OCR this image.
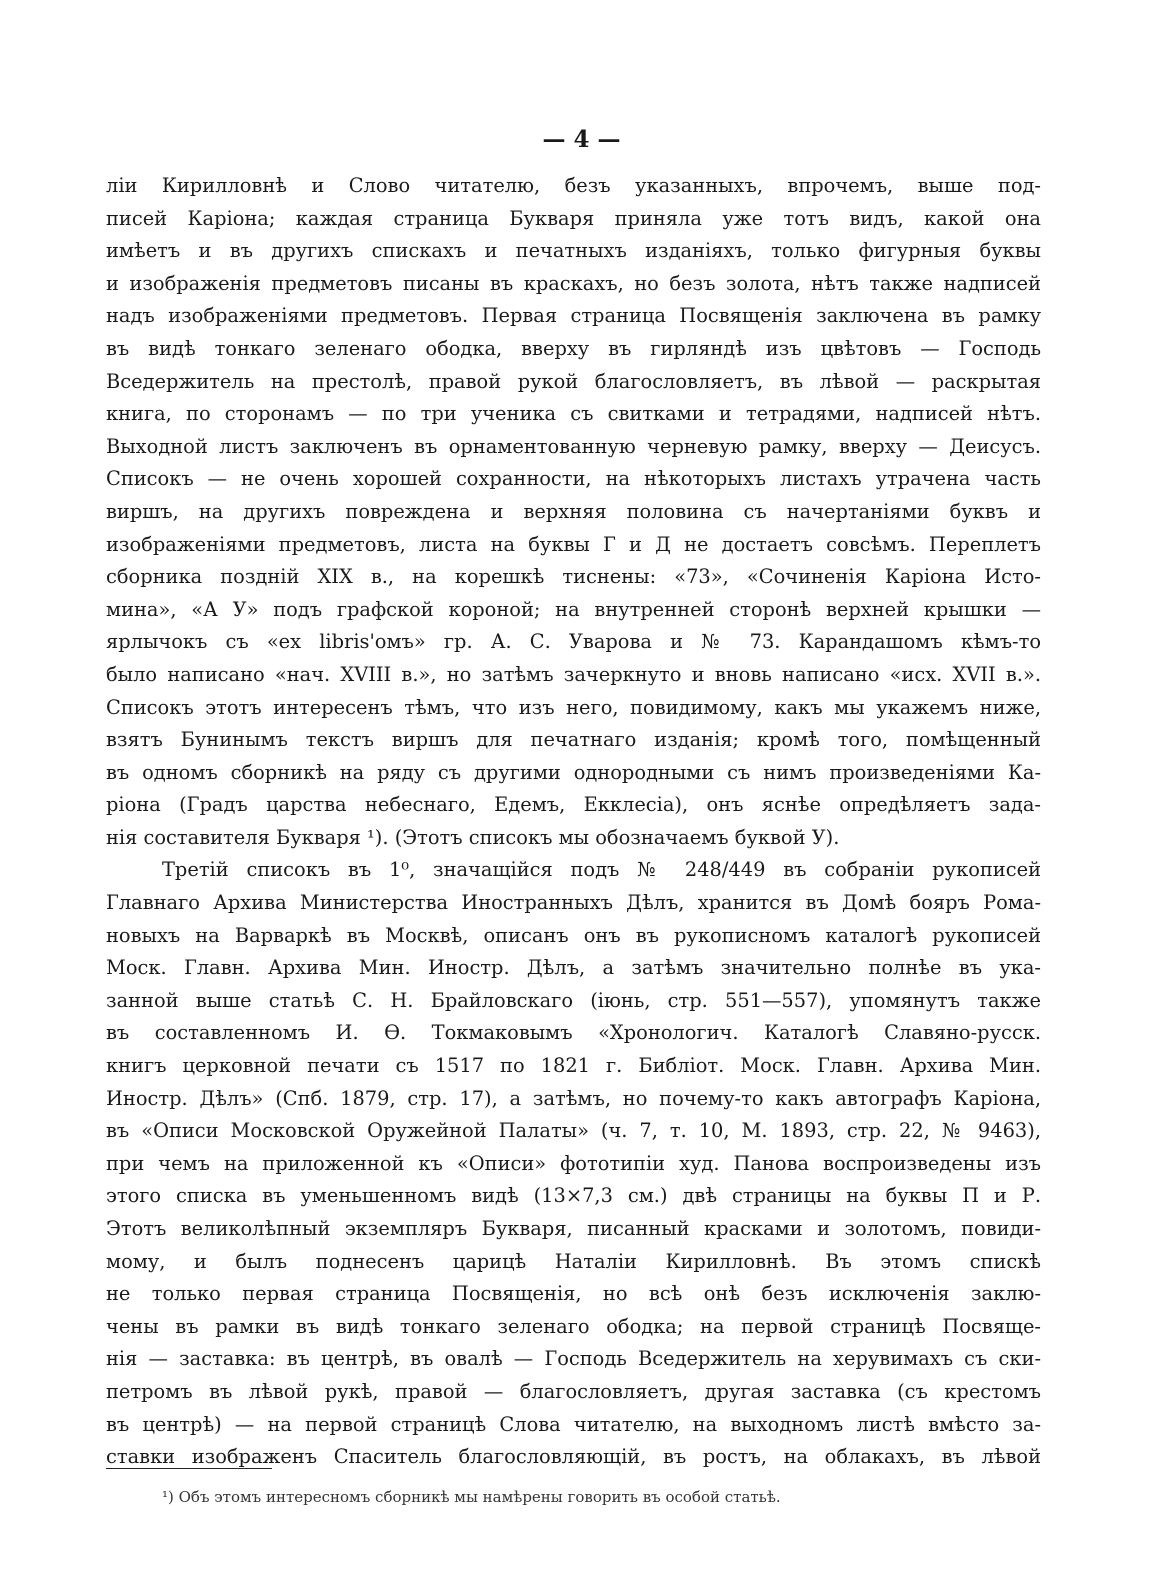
— 4 —
ліи Кирилловнѣ и Слово читателю, безъ указанныхъ, впрочемъ, выше под-
писей Каріона; каждая страница Букваря приняла уже тотъ видъ, какой она
имѣетъ и въ другихъ спискахъ и печатныхъ изданіяхъ, только фигурныя буквы
и изображенія предметовъ писаны въ краскахъ, но безъ золота, нѣтъ также надписей
надъ изображеніями предметовъ. Первая страница Посвященія заключена въ рамку
въ видѣ тонкаго зеленаго ободка, вверху въ гирляндѣ изъ цвѣтовъ — Господь
Вседержитель на престолѣ, правой рукой благословляетъ, въ лѣвой — раскрытая
книга, по сторонамъ — по три ученика съ свитками и тетрадями, надписей нѣтъ.
Выходной листъ заключенъ въ орнаментованную черневую рамку, вверху — Деисусъ.
Списокъ — не очень хорошей сохранности, на нѣкоторыхъ листахъ утрачена часть
виршъ, на другихъ повреждена и верхняя половина съ начертаніями буквъ и
изображеніями предметовъ, листа на буквы Г и Д не достаетъ совсѣмъ. Переплетъ
сборника поздній XIX в., на корешкѣ тиснены: «73», «Сочиненія Каріона Исто-
мина», «А У» подъ графской короной; на внутренней сторонѣ верхней крышки —
ярлычокъ съ «ex libris'омъ» гр. А. С. Уварова и № 73. Карандашомъ кѣмъ-то
было написано «нач. XVIII в.», но затѣмъ зачеркнуто и вновь написано «исх. XVII в.».
Списокъ этотъ интересенъ тѣмъ, что изъ него, повидимому, какъ мы укажемъ ниже,
взятъ Бунинымъ текстъ виршъ для печатнаго изданія; кромѣ того, помѣщенный
въ одномъ сборникѣ на ряду съ другими однородными съ нимъ произведеніями Ка-
ріона (Градъ царства небеснаго, Едемъ, Екклесіа), онъ яснѣе опредѣляетъ зада-
нія составителя Букваря ¹). (Этотъ списокъ мы обозначаемъ буквой У).
Третій списокъ въ 1⁰, значащійся подъ № 248/449 въ собраніи рукописей
Главнаго Архива Министерства Иностранныхъ Дѣлъ, хранится въ Домѣ бояръ Рома-
новыхъ на Варваркѣ въ Москвѣ, описанъ онъ въ рукописномъ каталогѣ рукописей
Моск. Главн. Архива Мин. Иностр. Дѣлъ, а затѣмъ значительно полнѣе въ ука-
занной выше статьѣ С. Н. Брайловскаго (іюнь, стр. 551—557), упомянутъ также
въ составленномъ И. Ѳ. Токмаковымъ «Хронологич. Каталогѣ Славяно-русск.
книгъ церковной печати съ 1517 по 1821 г. Библіот. Моск. Главн. Архива Мин.
Иностр. Дѣлъ» (Спб. 1879, стр. 17), а затѣмъ, но почему-то какъ автографъ Каріона,
въ «Описи Московской Оружейной Палаты» (ч. 7, т. 10, М. 1893, стр. 22, № 9463),
при чемъ на приложенной къ «Описи» фототипіи худ. Панова воспроизведены изъ
этого списка въ уменьшенномъ видѣ (13×7,3 см.) двѣ страницы на буквы П и Р.
Этотъ великолѣпный экземпляръ Букваря, писанный красками и золотомъ, повиди-
мому, и былъ поднесенъ царицѣ Наталіи Кирилловнѣ. Въ этомъ спискѣ
не только первая страница Посвященія, но всѣ онѣ безъ исключенія заклю-
чены въ рамки въ видѣ тонкаго зеленаго ободка; на первой страницѣ Посвяще-
нія — заставка: въ центрѣ, въ овалѣ — Господь Вседержитель на херувимахъ съ ски-
петромъ въ лѣвой рукѣ, правой — благословляетъ, другая заставка (съ крестомъ
въ центрѣ) — на первой страницѣ Слова читателю, на выходномъ листѣ вмѣсто за-
ставки изображенъ Спаситель благословляющій, въ ростъ, на облакахъ, въ лѣвой
¹) Объ этомъ интересномъ сборникѣ мы намѣрены говорить въ особой статьѣ.
